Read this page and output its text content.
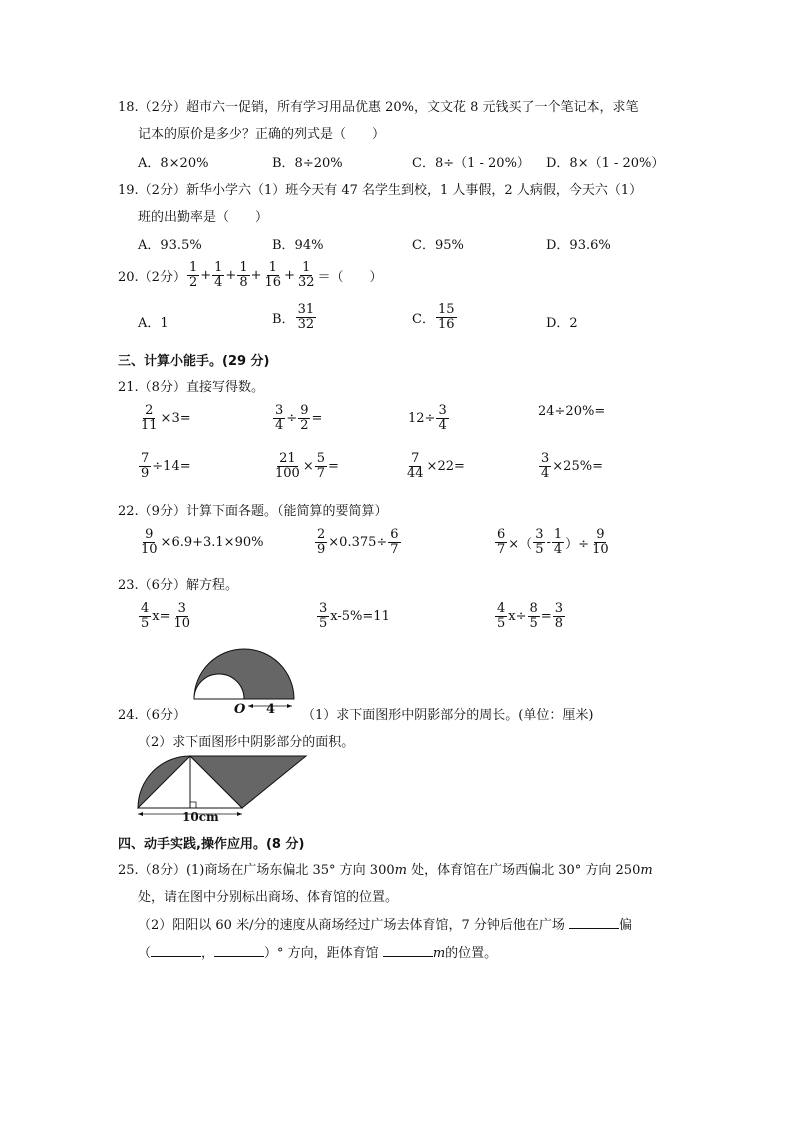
18.（2分）超市六一促销，所有学习用品优惠 20%，文文花 8 元钱买了一个笔记本，求笔
记本的原价是多少？正确的列式是（　　）
A．8×20%	B．8÷20%	C．8÷（1 - 20%） D．8×（1 - 20%）
19.（2分）新华小学六（1）班今天有 47 名学生到校，1 人事假，2 人病假，今天六（1）
班的出勤率是（　　）
A．93.5%	B．94%	C．95%	D．93.6%
20.（2分） $\frac{1}{2} + \frac{1}{4} + \frac{1}{8} + \frac{1}{16} + \frac{1}{32}$ ＝（　　）
A．1	B． $\frac{31}{32}$	C． $\frac{15}{16}$	D．2
三、计算小能手。(29 分)
21.（8分）直接写得数。
$\frac{2}{11} \times 3=$	$\frac{3}{4} \div \frac{9}{2}$ =	$12\div \frac{3}{4}$	24÷20%=
$\frac{7}{9} \div 14=$	$\frac{21}{100} \times \frac{5}{7}$ =	$\frac{7}{44} \times 22=$	$\frac{3}{4} \times 25\%=$
22.（9分）计算下面各题。（能简算的要简算）
$\frac{9}{10} \times 6.9+3.1\times 90\%$	$\frac{2}{9} \times 0.375\div \frac{6}{7}$	$\frac{6}{7}$ ×（ $\frac{3}{5} - \frac{1}{4}$ ）÷ $\frac{9}{10}$
23.（6分）解方程。
$\frac{4}{5} x= \frac{3}{10}$	$\frac{3}{5} x-5\%=11$	$\frac{4}{5} x\div \frac{8}{5} = \frac{3}{8}$
O 4
24.（6分）	（1）求下面图形中阴影部分的周长。(单位：厘米)
（2）求下面图形中阴影部分的面积。
10cm
四、动手实践,操作应用。(8 分)
25.（8分）(1)商场在广场东偏北 35° 方向 300m 处，体育馆在广场西偏北 30° 方向 250m
处，请在图中分别标出商场、体育馆的位置。
（2）阳阳以 60 米/分的速度从商场经过广场去体育馆，7 分钟后他在广场	偏
（	，	）° 方向，距体育馆	m的位置。
